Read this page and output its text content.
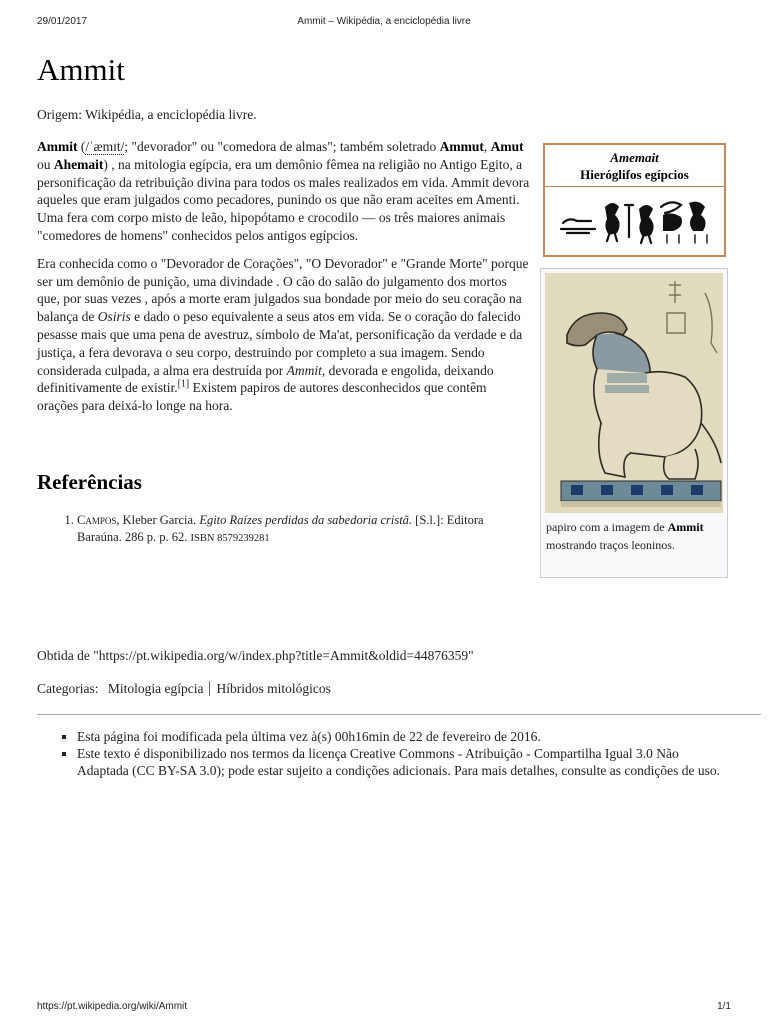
29/01/2017	Ammit – Wikipédia, a enciclopédia livre
Ammit
Origem: Wikipédia, a enciclopédia livre.

Ammit (/ˈæmɪt/; "devorador" ou "comedora de almas"; também soletrado Ammut, Amut ou Ahemait) , na mitologia egípcia, era um demônio fêmea na religião no Antigo Egito, a personificação da retribuição divina para todos os males realizados em vida. Ammit devora aqueles que eram julgados como pecadores, punindo os que não eram aceites em Amenti. Uma fera com corpo misto de leão, hipopótamo e crocodilo — os três maiores animais "comedores de homens" conhecidos pelos antigos egípcios.

Era conhecida como o "Devorador de Corações", "O Devorador" e "Grande Morte" porque ser um demônio de punição, uma divindade . O cão do salão do julgamento dos mortos que, por suas vezes , após a morte eram julgados sua bondade por meio do seu coração na balança de Osiris e dado o peso equivalente a seus atos em vida. Se o coração do falecido pesasse mais que uma pena de avestruz, símbolo de Ma'at, personificação da verdade e da justiça, a fera devorava o seu corpo, destruindo por completo a sua imagem. Sendo considerada culpada, a alma era destruída por Ammit, devorada e engolida, deixando definitivamente de existir.[1] Existem papiros de autores desconhecidos que contêm orações para deixá-lo longe na hora.

Amemait
Hieróglifos egípcios
papiro com a imagem de Ammit mostrando traços leoninos.
Referências
1. Campos, Kleber Garcia. Egito Raízes perdidas da sabedoria cristã. [S.l.]: Editora Baraúna. 286 p. p. 62. ISBN 8579239281
Obtida de "https://pt.wikipedia.org/w/index.php?title=Ammit&oldid=44876359"
Categorias: Mitologia egípcia Híbridos mitológicos
▪ Esta página foi modificada pela última vez à(s) 00h16min de 22 de fevereiro de 2016.
▪ Este texto é disponibilizado nos termos da licença Creative Commons - Atribuição - Compartilha Igual 3.0 Não Adaptada (CC BY-SA 3.0); pode estar sujeito a condições adicionais. Para mais detalhes, consulte as condições de uso.
https://pt.wikipedia.org/wiki/Ammit	1/1
